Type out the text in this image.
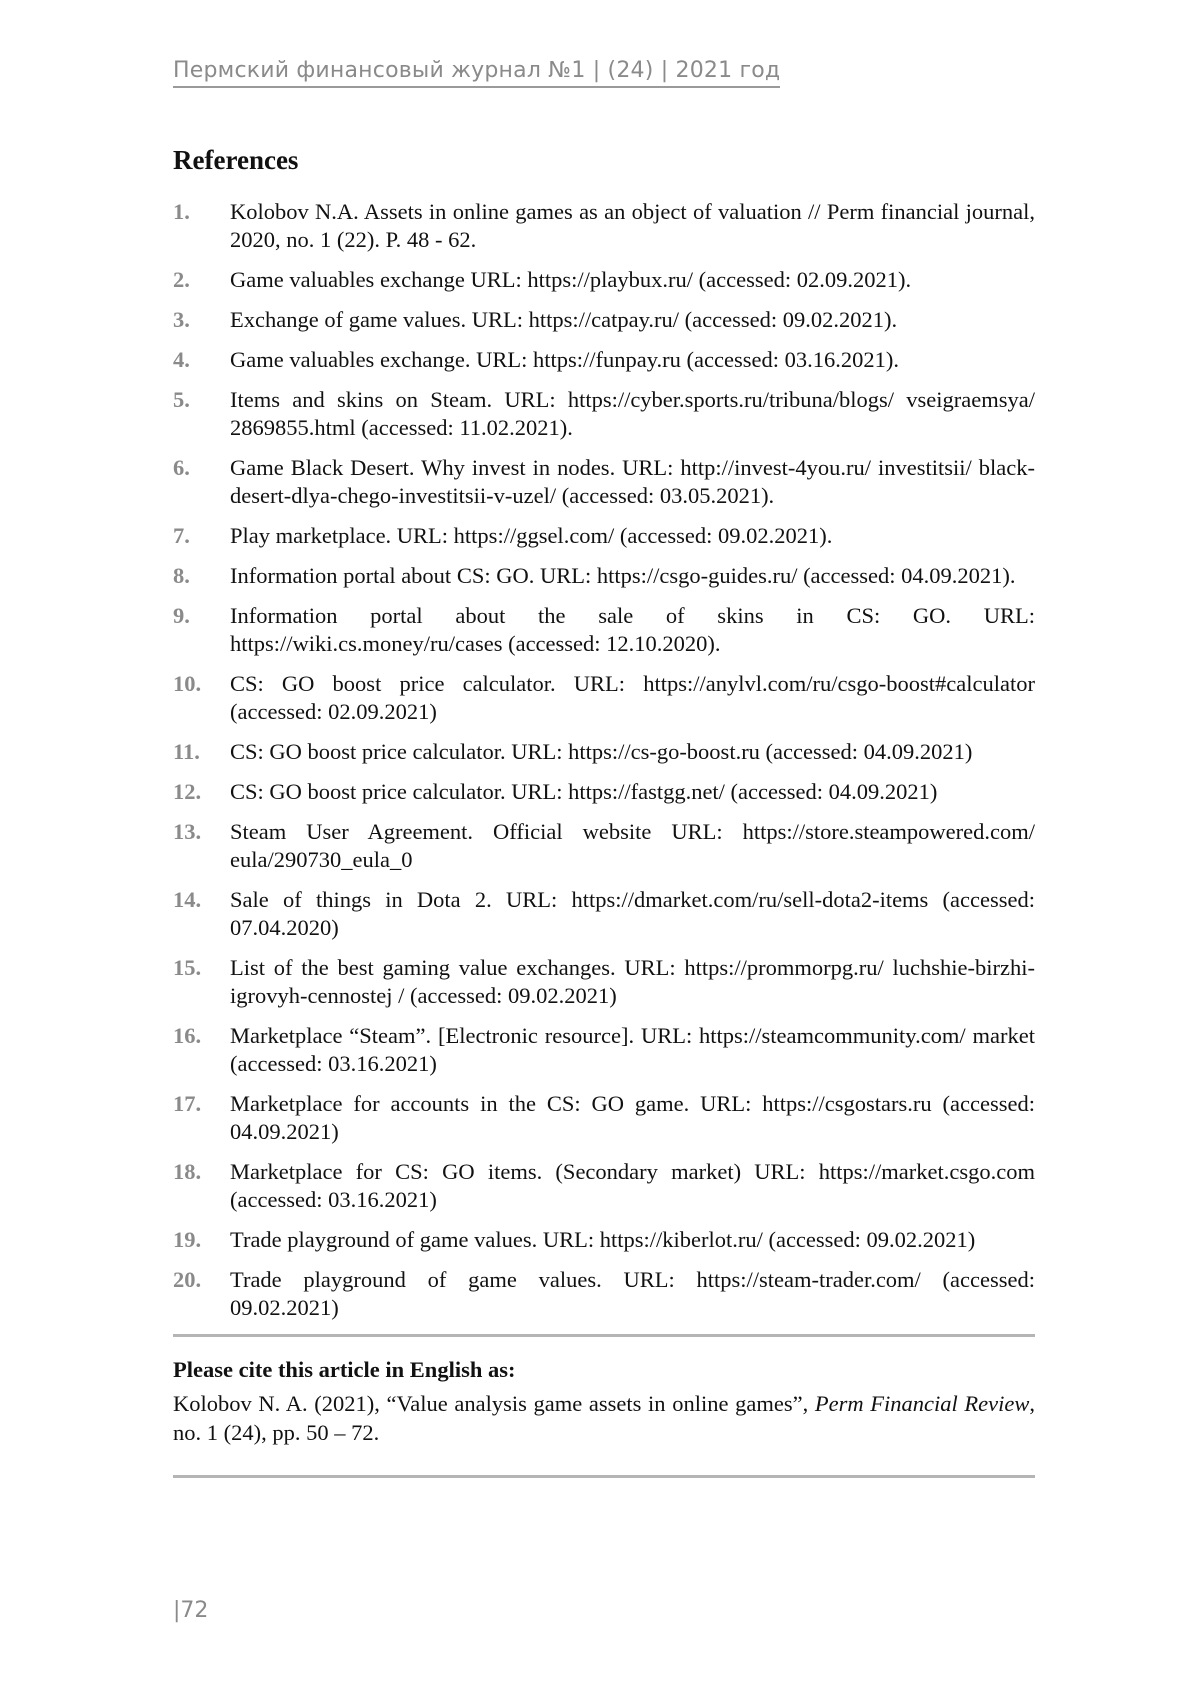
Пермский финансовый журнал №1 | (24) | 2021 год
References
1.	Kolobov N.A. Assets in online games as an object of valuation // Perm financial journal, 2020, no. 1 (22). P. 48 - 62.
2.	Game valuables exchange URL: https://playbux.ru/ (accessed: 02.09.2021).
3.	Exchange of game values. URL: https://catpay.ru/ (accessed: 09.02.2021).
4.	Game valuables exchange. URL: https://funpay.ru (accessed: 03.16.2021).
5.	Items and skins on Steam. URL: https://cyber.sports.ru/tribuna/blogs/ vseigraemsya/ 2869855.html (accessed: 11.02.2021).
6.	Game Black Desert. Why invest in nodes. URL: http://invest-4you.ru/ investitsii/ black-desert-dlya-chego-investitsii-v-uzel/ (accessed: 03.05.2021).
7.	Play marketplace. URL: https://ggsel.com/ (accessed: 09.02.2021).
8.	Information portal about CS: GO. URL: https://csgo-guides.ru/ (accessed: 04.09.2021).
9.	Information portal about the sale of skins in CS: GO. URL: https://wiki.cs.money/ru/cases (accessed: 12.10.2020).
10.	CS: GO boost price calculator. URL: https://anylvl.com/ru/csgo-boost#calculator (accessed: 02.09.2021)
11.	CS: GO boost price calculator. URL: https://cs-go-boost.ru (accessed: 04.09.2021)
12.	CS: GO boost price calculator. URL: https://fastgg.net/ (accessed: 04.09.2021)
13.	Steam User Agreement. Official website URL: https://store.steampowered.com/ eula/290730_eula_0
14.	Sale of things in Dota 2. URL: https://dmarket.com/ru/sell-dota2-items (accessed: 07.04.2020)
15.	List of the best gaming value exchanges. URL: https://prommorpg.ru/ luchshie-birzhi-igrovyh-cennostej / (accessed: 09.02.2021)
16.	Marketplace “Steam”. [Electronic resource]. URL: https://steamcommunity.com/ market (accessed: 03.16.2021)
17.	Marketplace for accounts in the CS: GO game. URL: https://csgostars.ru (accessed: 04.09.2021)
18.	Marketplace for CS: GO items. (Secondary market) URL: https://market.csgo.com (accessed: 03.16.2021)
19.	Trade playground of game values. URL: https://kiberlot.ru/ (accessed: 09.02.2021)
20.	Trade playground of game values. URL: https://steam-trader.com/ (accessed: 09.02.2021)
Please cite this article in English as:
Kolobov N. A. (2021), “Value analysis game assets in online games”, Perm Financial Review, no. 1 (24), pp. 50 – 72.
|72
